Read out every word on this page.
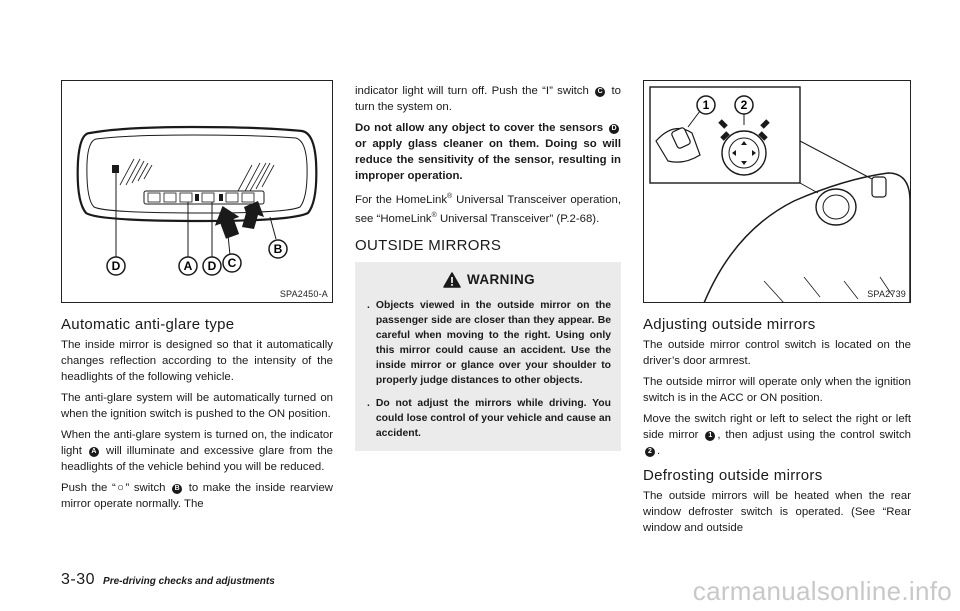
D	A D C
B
SPA2450-A
Automatic anti-glare type

The inside mirror is designed so that it automatically changes reflection according to the intensity of the headlights of the following vehicle.

The anti-glare system will be automatically turned on when the ignition switch is pushed to the ON position.

When the anti-glare system is turned on, the indicator light A will illuminate and excessive glare from the headlights of the vehicle behind you will be reduced.

Push the “○” switch B to make the inside rearview mirror operate normally. The

indicator light will turn off. Push the “I” switch C to turn the system on.

Do not allow any object to cover the sensors D or apply glass cleaner on them. Doing so will reduce the sensitivity of the sensor, resulting in improper operation.

For the HomeLink® Universal Transceiver operation, see “HomeLink® Universal Transceiver” (P.2-68).

OUTSIDE MIRRORS
WARNING
. Objects viewed in the outside mirror on the passenger side are closer than they appear. Be careful when moving to the right. Using only this mirror could cause an accident. Use the inside mirror or glance over your shoulder to properly judge distances to other objects.
. Do not adjust the mirrors while driving. You could lose control of your vehicle and cause an accident.
1	2
SPA2739
Adjusting outside mirrors

The outside mirror control switch is located on the driver’s door armrest.

The outside mirror will operate only when the ignition switch is in the ACC or ON position.

Move the switch right or left to select the right or left side mirror 1 , then adjust using the control switch 2 .

Defrosting outside mirrors

The outside mirrors will be heated when the rear window defroster switch is operated. (See “Rear window and outside

3-30 Pre-driving checks and adjustments	carmanualsonline.info
